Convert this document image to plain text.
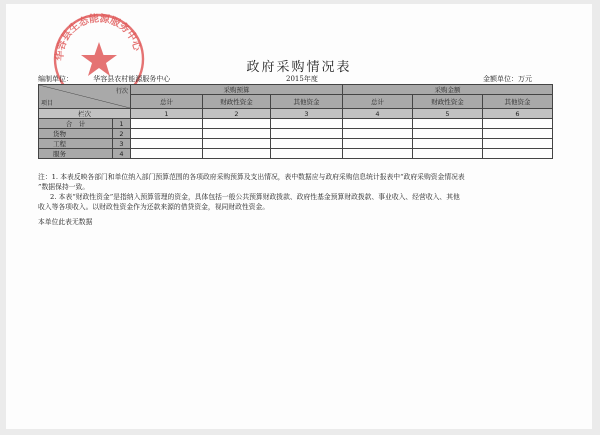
华容县生态能源服务中心
政府采购情况表
编制单位：	华容县农村能源服务中心	2015年度	金额单位：万元
行次
项目		采购预算			采购金额		
		总计	财政性资金	其他资金	总计	财政性资金	其他资金
栏次		1	2	3	4	5	6
合　计	1						
货物	2						
工程	3						
服务	4						

注：1. 本表反映各部门和单位纳入部门预算范围的各项政府采购预算及支出情况，表中数据应与政府采购信息统计报表中“政府采购资金情况表

”数据保持一致。

2. 本表“财政性资金”是指纳入预算管理的资金，具体包括一般公共预算财政拨款、政府性基金预算财政拨款、事业收入、经营收入、其他

收入等各项收入。以财政性资金作为还款来源的借贷资金，视同财政性资金。

本单位此表无数据
